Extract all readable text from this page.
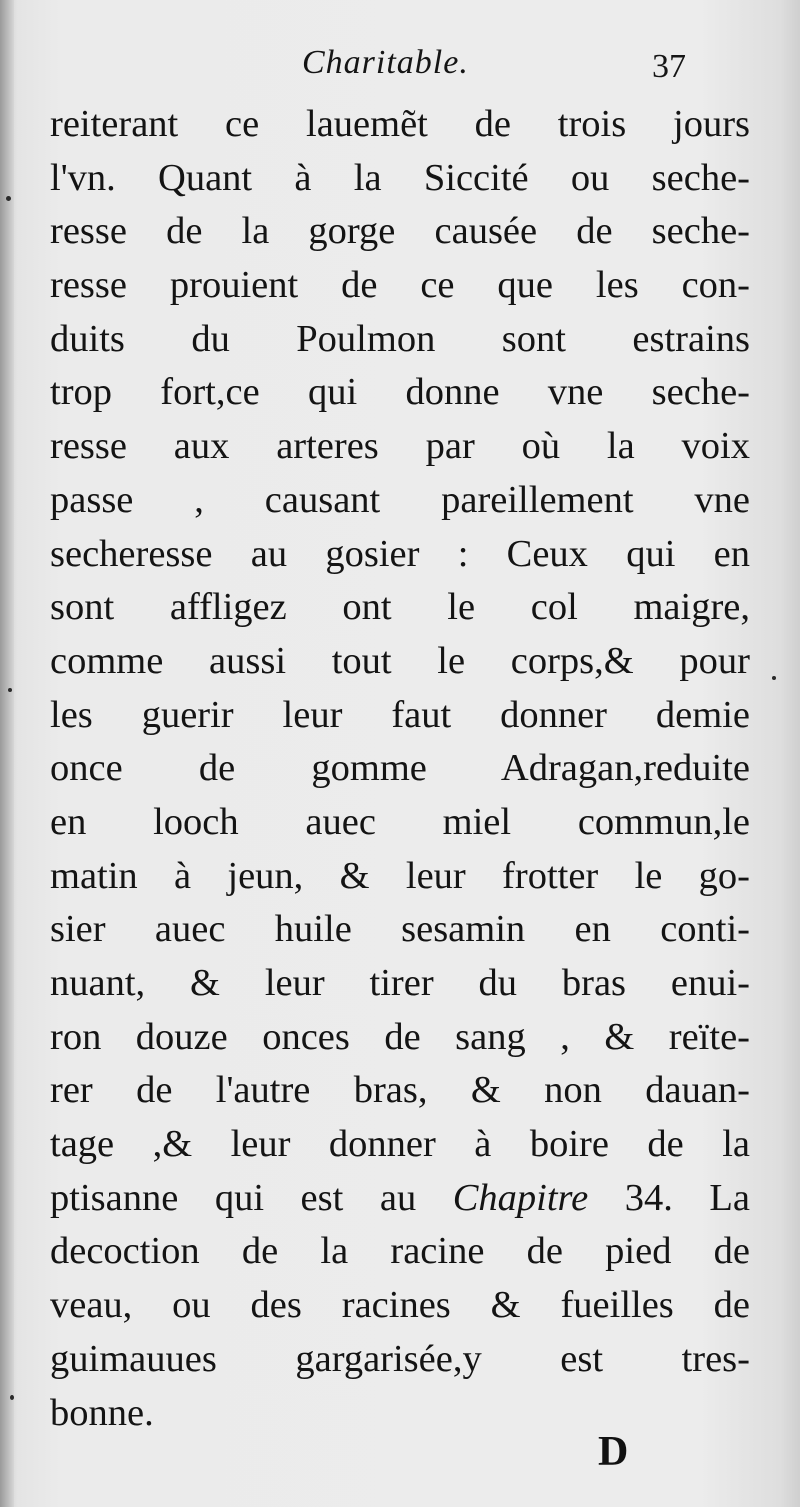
Charitable.	37
reiterant ce lauemẽt de trois jours
l'vn. Quant à la Siccité ou seche-
resse de la gorge causée de seche-
resse prouient de ce que les con-
duits du Poulmon sont estrains
trop fort,ce qui donne vne seche-
resse aux arteres par où la voix
passe , causant pareillement vne
secheresse au gosier : Ceux qui en
sont affligez ont le col maigre,
comme aussi tout le corps,& pour
les guerir leur faut donner demie
once de gomme Adragan,reduite
en looch auec miel commun,le
matin à jeun, & leur frotter le go-
sier auec huile sesamin en conti-
nuant, & leur tirer du bras enui-
ron douze onces de sang , & reïte-
rer de l'autre bras, & non dauan-
tage ,& leur donner à boire de la
ptisanne qui est au Chapitre 34. La
decoction de la racine de pied de
veau, ou des racines & fueilles de
guimauues gargarisée,y est tres-
bonne.
D
